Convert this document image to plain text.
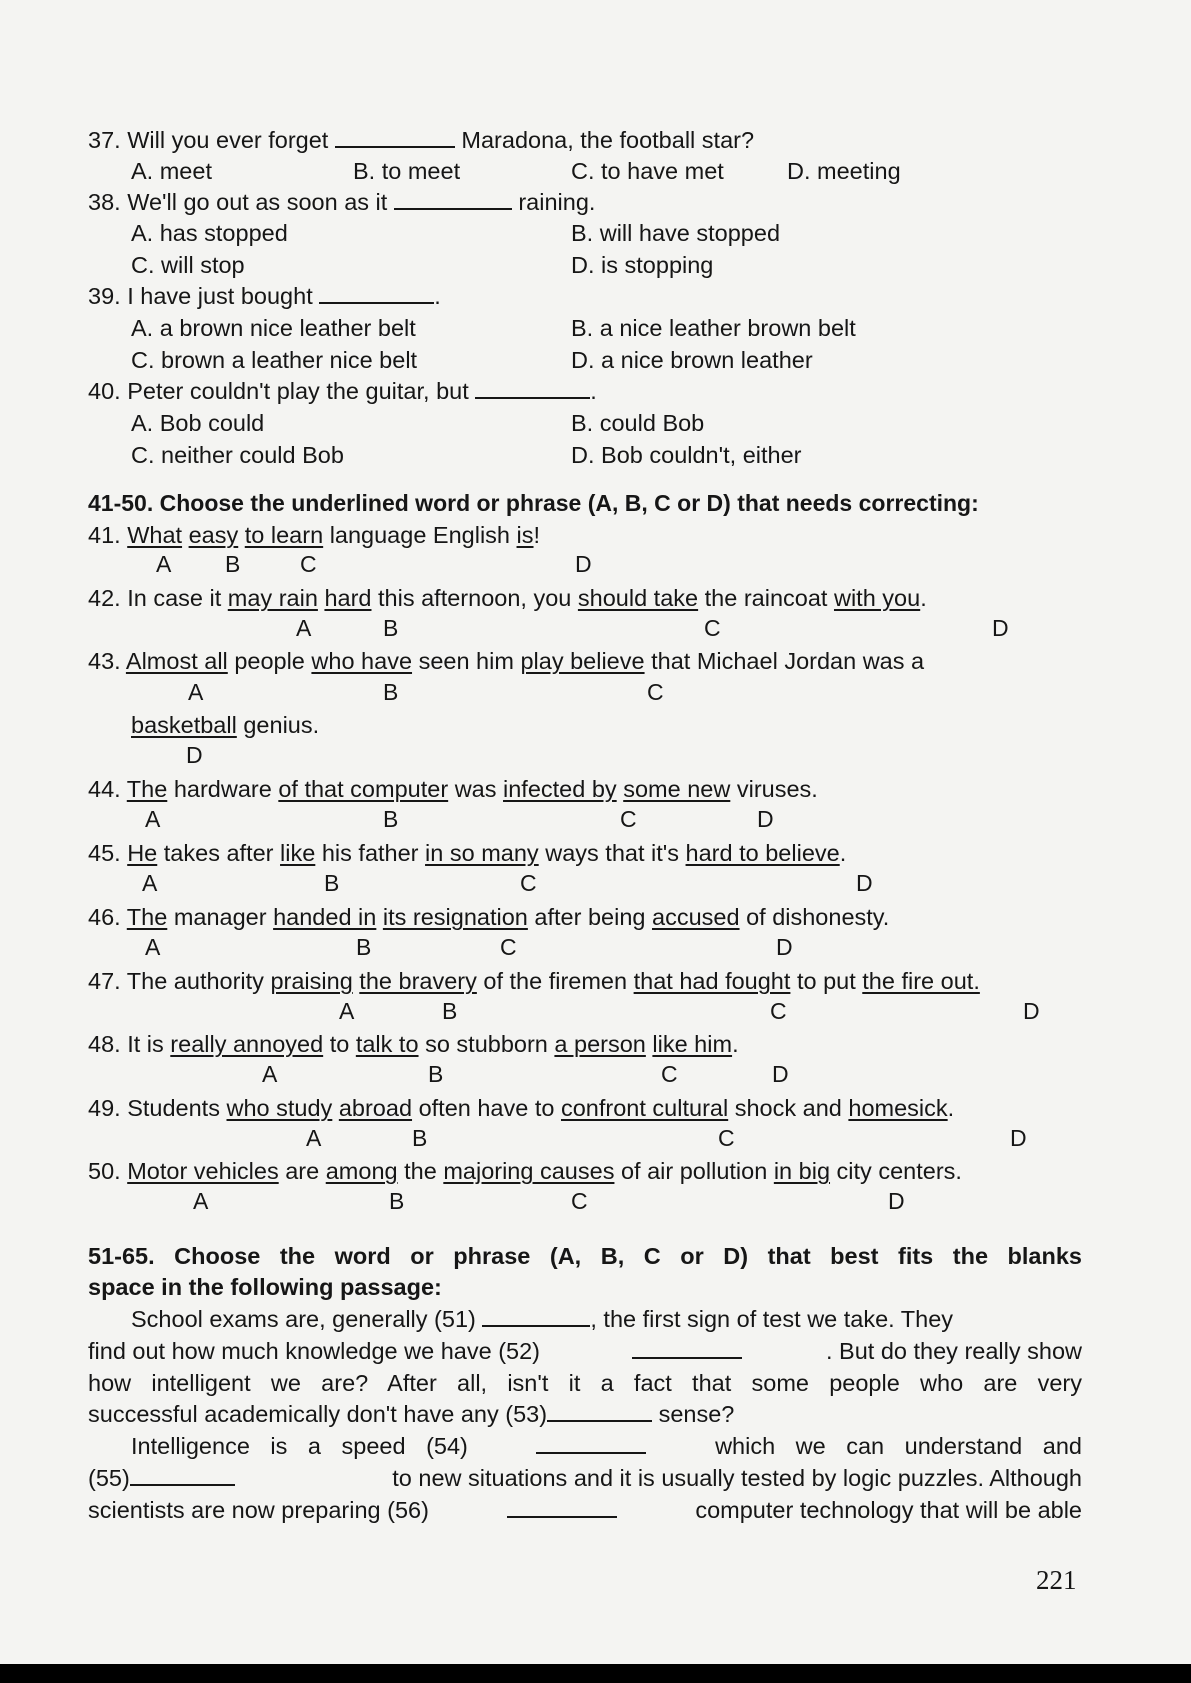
37. Will you ever forget	Maradona, the football star?
A. meet	B. to meet	C. to have met	D. meeting
38. We'll go out as soon as it	raining.
A. has stopped	B. will have stopped
C. will stop	D. is stopping
39. I have just bought	.
A. a brown nice leather belt	B. a nice leather brown belt
C. brown a leather nice belt	D. a nice brown leather
40. Peter couldn't play the guitar, but	.
A. Bob could	B. could Bob
C. neither could Bob	D. Bob couldn't, either
41-50. Choose the underlined word or phrase (A, B, C or D) that needs correcting:
41. What easy to learn language English is!
A B	C	D
42. In case it may rain hard this afternoon, you should take the raincoat with you.
A	B	C	D
43. Almost all people who have seen him play believe that Michael Jordan was a
A	B	C
basketball genius.
D
44. The hardware of that computer was infected by some new viruses.
A	B	C	D
45. He takes after like his father in so many ways that it's hard to believe.
A	B	C	D
46. The manager handed in its resignation after being accused of dishonesty.
A	B	C	D
47. The authority praising the bravery of the firemen that had fought to put the fire out.
A	B	C	D
48. It is really annoyed to talk to so stubborn a person like him.
A	B	C	D
49. Students who study abroad often have to confront cultural shock and homesick.
A	B	C	D
50. Motor vehicles are among the majoring causes of air pollution in big city centers.
A	B	C	D
51-65. Choose the word or phrase (A, B, C or D) that best fits the blanks
space in the following passage:
School exams are, generally (51)	, the first sign of test we take. They
find out how much knowledge we have (52)	. But do they really show
how intelligent we are? After all, isn't it a fact that some people who are very
successful academically don't have any (53)	sense?
Intelligence is a speed (54)	which we can understand and
(55)	to new situations and it is usually tested by logic puzzles. Although
scientists are now preparing (56)	computer technology that will be able
221
